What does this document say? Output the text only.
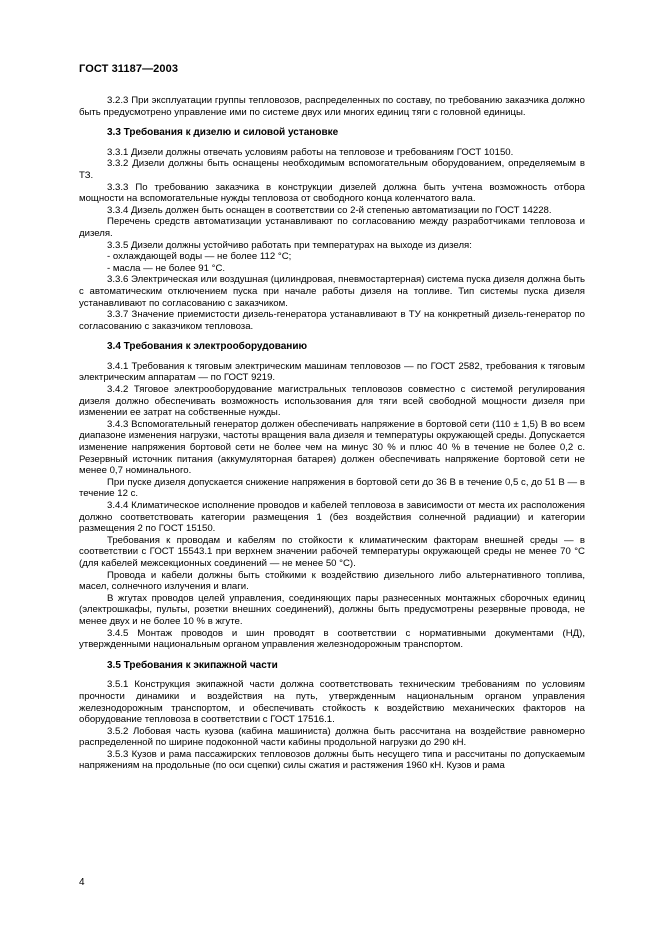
ГОСТ 31187—2003

3.2.3 При эксплуатации группы тепловозов, распределенных по составу, по требованию заказчика должно быть предусмотрено управление ими по системе двух или многих единиц тяги с головной единицы.

3.3 Требования к дизелю и силовой установке

3.3.1 Дизели должны отвечать условиям работы на тепловозе и требованиям ГОСТ 10150.

3.3.2 Дизели должны быть оснащены необходимым вспомогательным оборудованием, определяемым в ТЗ.

3.3.3 По требованию заказчика в конструкции дизелей должна быть учтена возможность отбора мощности на вспомогательные нужды тепловоза от свободного конца коленчатого вала.

3.3.4 Дизель должен быть оснащен в соответствии со 2-й степенью автоматизации по ГОСТ 14228.

Перечень средств автоматизации устанавливают по согласованию между разработчиками тепловоза и дизеля.

3.3.5 Дизели должны устойчиво работать при температурах на выходе из дизеля:

- охлаждающей воды — не более 112 °С;

- масла — не более 91 °С.

3.3.6 Электрическая или воздушная (цилиндровая, пневмостартерная) система пуска дизеля должна быть с автоматическим отключением пуска при начале работы дизеля на топливе. Тип системы пуска дизеля устанавливают по согласованию с заказчиком.

3.3.7 Значение приемистости дизель-генератора устанавливают в ТУ на конкретный дизель-генератор по согласованию с заказчиком тепловоза.

3.4 Требования к электрооборудованию

3.4.1 Требования к тяговым электрическим машинам тепловозов — по ГОСТ 2582, требования к тяговым электрическим аппаратам — по ГОСТ 9219.

3.4.2 Тяговое электрооборудование магистральных тепловозов совместно с системой регулирования дизеля должно обеспечивать возможность использования для тяги всей свободной мощности дизеля при изменении ее затрат на собственные нужды.

3.4.3 Вспомогательный генератор должен обеспечивать напряжение в бортовой сети (110 ± 1,5) В во всем диапазоне изменения нагрузки, частоты вращения вала дизеля и температуры окружающей среды. Допускается изменение напряжения бортовой сети не более чем на минус 30 % и плюс 40 % в течение не более 0,2 с. Резервный источник питания (аккумуляторная батарея) должен обеспечивать напряжение бортовой сети не менее 0,7 номинального.

При пуске дизеля допускается снижение напряжения в бортовой сети до 36 В в течение 0,5 с, до 51 В — в течение 12 с.

3.4.4 Климатическое исполнение проводов и кабелей тепловоза в зависимости от места их расположения должно соответствовать категории размещения 1 (без воздействия солнечной радиации) и категории размещения 2 по ГОСТ 15150.

Требования к проводам и кабелям по стойкости к климатическим факторам внешней среды — в соответствии с ГОСТ 15543.1 при верхнем значении рабочей температуры окружающей среды не менее 70 °С (для кабелей межсекционных соединений — не менее 50 °С).

Провода и кабели должны быть стойкими к воздействию дизельного либо альтернативного топлива, масел, солнечного излучения и влаги.

В жгутах проводов целей управления, соединяющих пары разнесенных монтажных сборочных единиц (электрошкафы, пульты, розетки внешних соединений), должны быть предусмотрены резервные провода, не менее двух и не более 10 % в жгуте.

3.4.5 Монтаж проводов и шин проводят в соответствии с нормативными документами (НД), утвержденными национальным органом управления железнодорожным транспортом.

3.5 Требования к экипажной части

3.5.1 Конструкция экипажной части должна соответствовать техническим требованиям по условиям прочности динамики и воздействия на путь, утвержденным национальным органом управления железнодорожным транспортом, и обеспечивать стойкость к воздействию механических факторов на оборудование тепловоза в соответствии с ГОСТ 17516.1.

3.5.2 Лобовая часть кузова (кабина машиниста) должна быть рассчитана на воздействие равномерно распределенной по ширине подоконной части кабины продольной нагрузки до 290 кН.

3.5.3 Кузов и рама пассажирских тепловозов должны быть несущего типа и рассчитаны по допускаемым напряжениям на продольные (по оси сцепки) силы сжатия и растяжения 1960 кН. Кузов и рама

4
